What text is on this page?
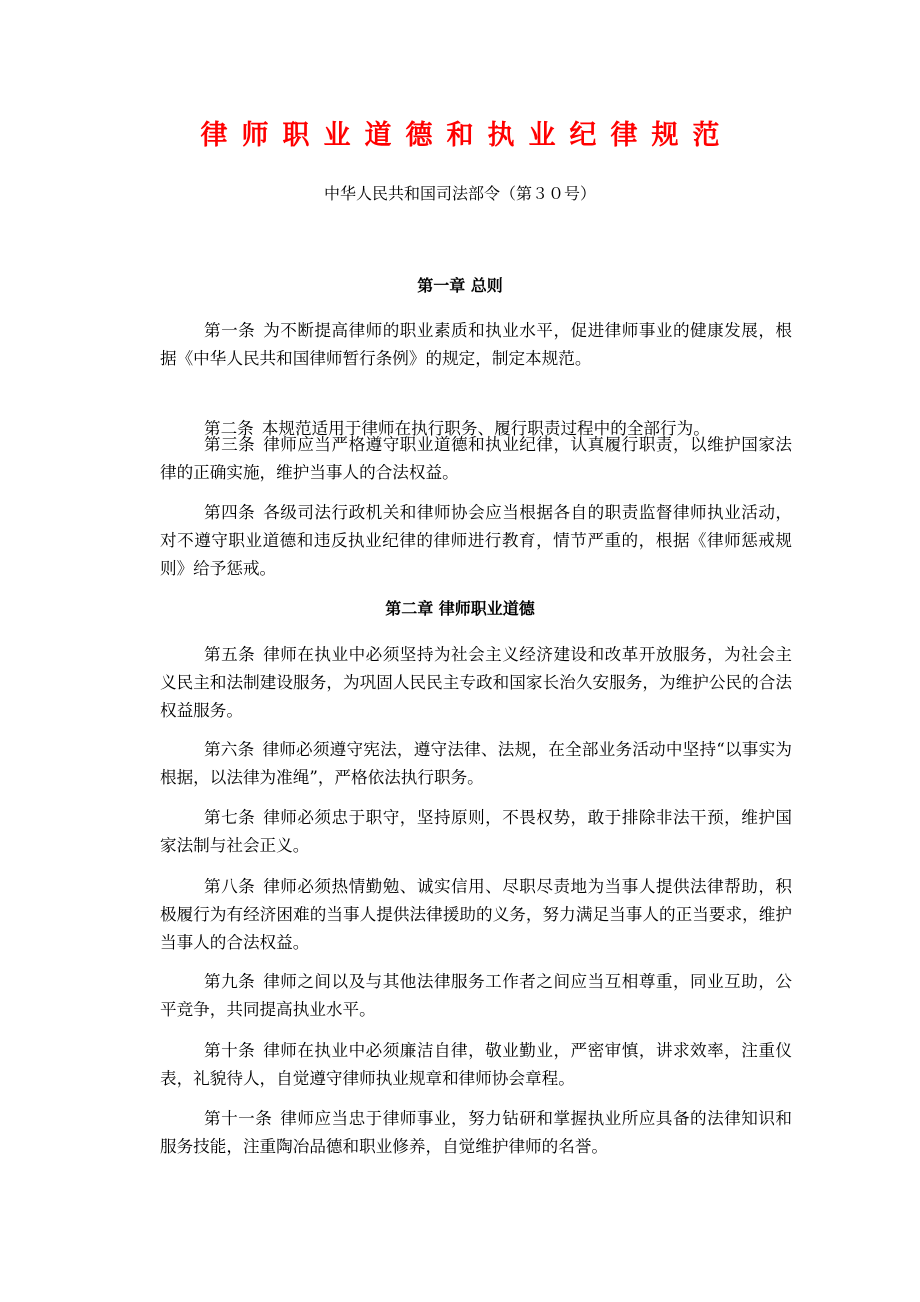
律师职业道德和执业纪律规范

中华人民共和国司法部令（第３０号）

第一章 总则

第一条 为不断提高律师的职业素质和执业水平，促进律师事业的健康发展，根据《中华人民共和国律师暂行条例》的规定，制定本规范。

第二条 本规范适用于律师在执行职务、履行职责过程中的全部行为。

第三条 律师应当严格遵守职业道德和执业纪律，认真履行职责，以维护国家法律的正确实施，维护当事人的合法权益。

第四条 各级司法行政机关和律师协会应当根据各自的职责监督律师执业活动，对不遵守职业道德和违反执业纪律的律师进行教育，情节严重的，根据《律师惩戒规则》给予惩戒。

第二章 律师职业道德

第五条 律师在执业中必须坚持为社会主义经济建设和改革开放服务，为社会主义民主和法制建设服务，为巩固人民民主专政和国家长治久安服务，为维护公民的合法权益服务。

第六条 律师必须遵守宪法，遵守法律、法规，在全部业务活动中坚持“以事实为根据，以法律为准绳”，严格依法执行职务。

第七条 律师必须忠于职守，坚持原则，不畏权势，敢于排除非法干预，维护国家法制与社会正义。

第八条 律师必须热情勤勉、诚实信用、尽职尽责地为当事人提供法律帮助，积极履行为有经济困难的当事人提供法律援助的义务，努力满足当事人的正当要求，维护当事人的合法权益。

第九条 律师之间以及与其他法律服务工作者之间应当互相尊重，同业互助，公平竞争，共同提高执业水平。

第十条 律师在执业中必须廉洁自律，敬业勤业，严密审慎，讲求效率，注重仪表，礼貌待人，自觉遵守律师执业规章和律师协会章程。

第十一条 律师应当忠于律师事业，努力钻研和掌握执业所应具备的法律知识和服务技能，注重陶冶品德和职业修养，自觉维护律师的名誉。
